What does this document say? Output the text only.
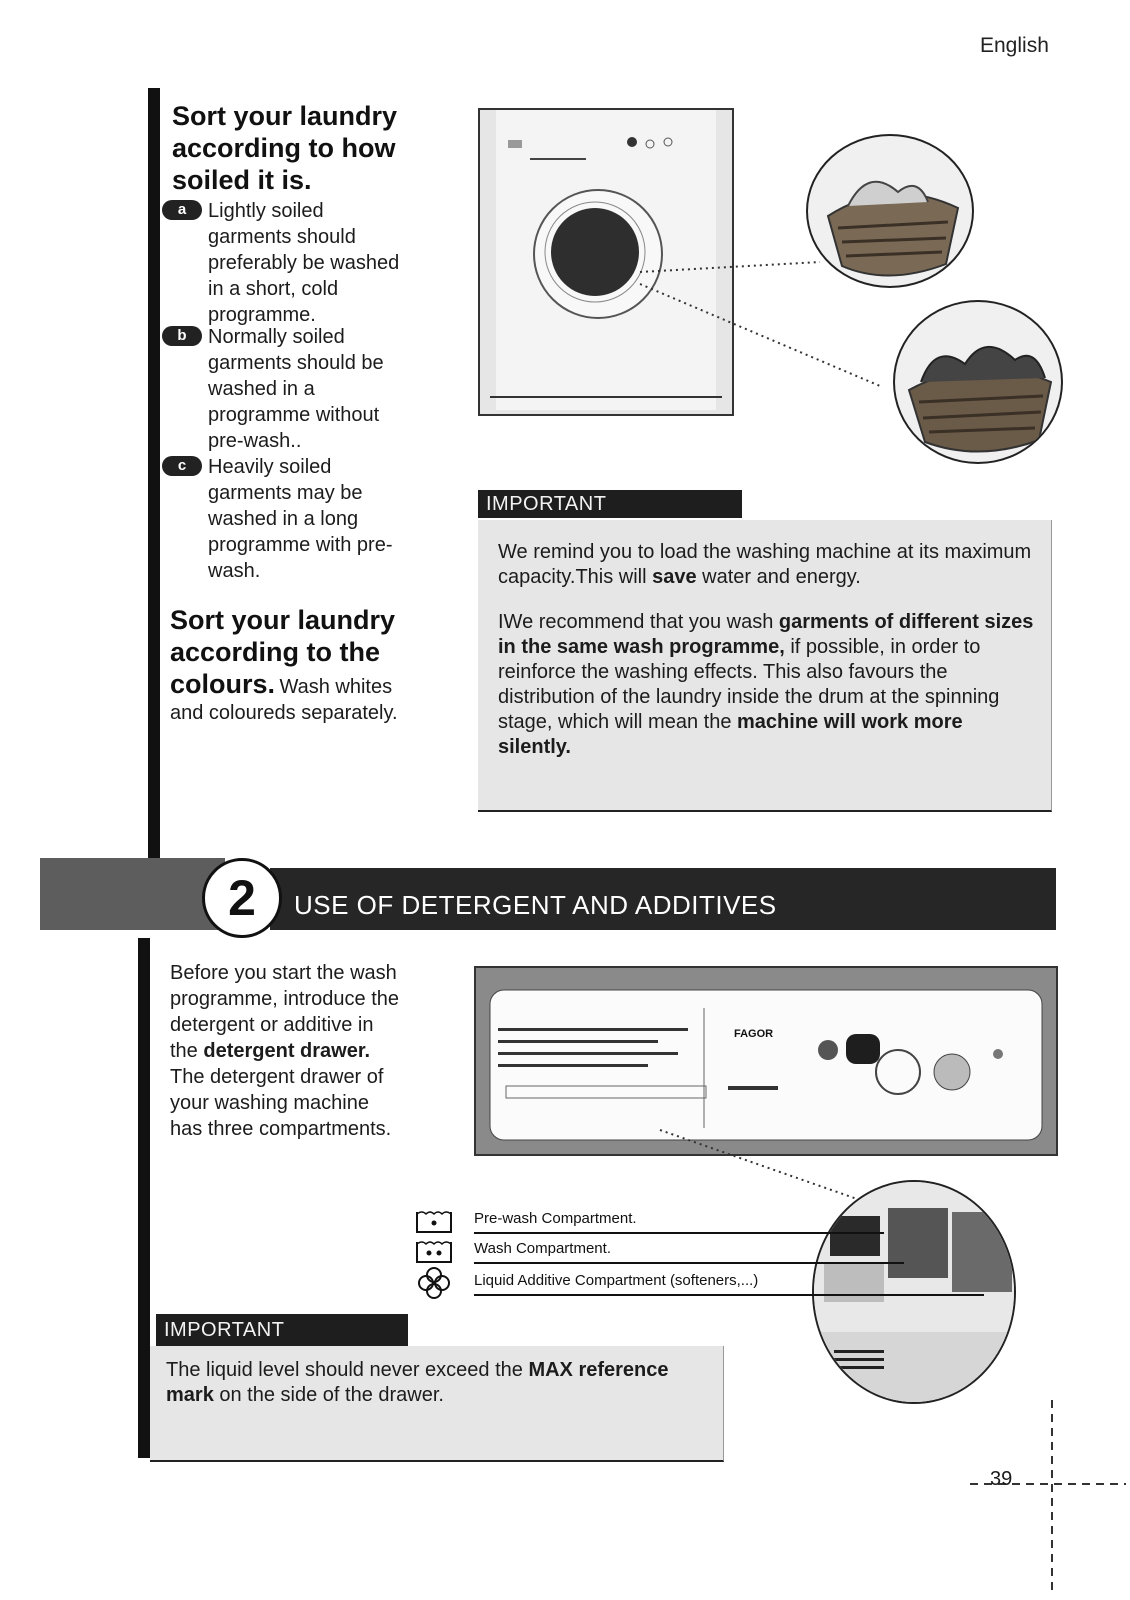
English
Sort your laundry according to how soiled it is.
a	Lightly soiled garments should preferably be washed in a short, cold programme.
b	Normally soiled garments should be washed in a programme without pre-wash..
c	Heavily soiled garments may be washed in a long programme with pre-wash.
Sort your laundry according to the colours. Wash whites and coloureds separately.
IMPORTANT

We remind you to load the washing machine at its maximum capacity.This will save water and energy.

IWe recommend that you wash garments of different sizes in the same wash programme, if possible, in order to reinforce the washing effects. This also favours the distribution of the laundry inside the drum at the spinning stage, which will mean the machine will work more silently.

2	USE OF DETERGENT AND ADDITIVES
Before you start the wash programme, introduce the detergent or additive in the detergent drawer. The detergent drawer of your washing machine has three compartments.
FAGOR
Pre-wash Compartment.
Wash Compartment.
Liquid Additive Compartment (softeners,...)
IMPORTANT
The liquid level should never exceed the MAX reference mark on the side of the drawer.
39
